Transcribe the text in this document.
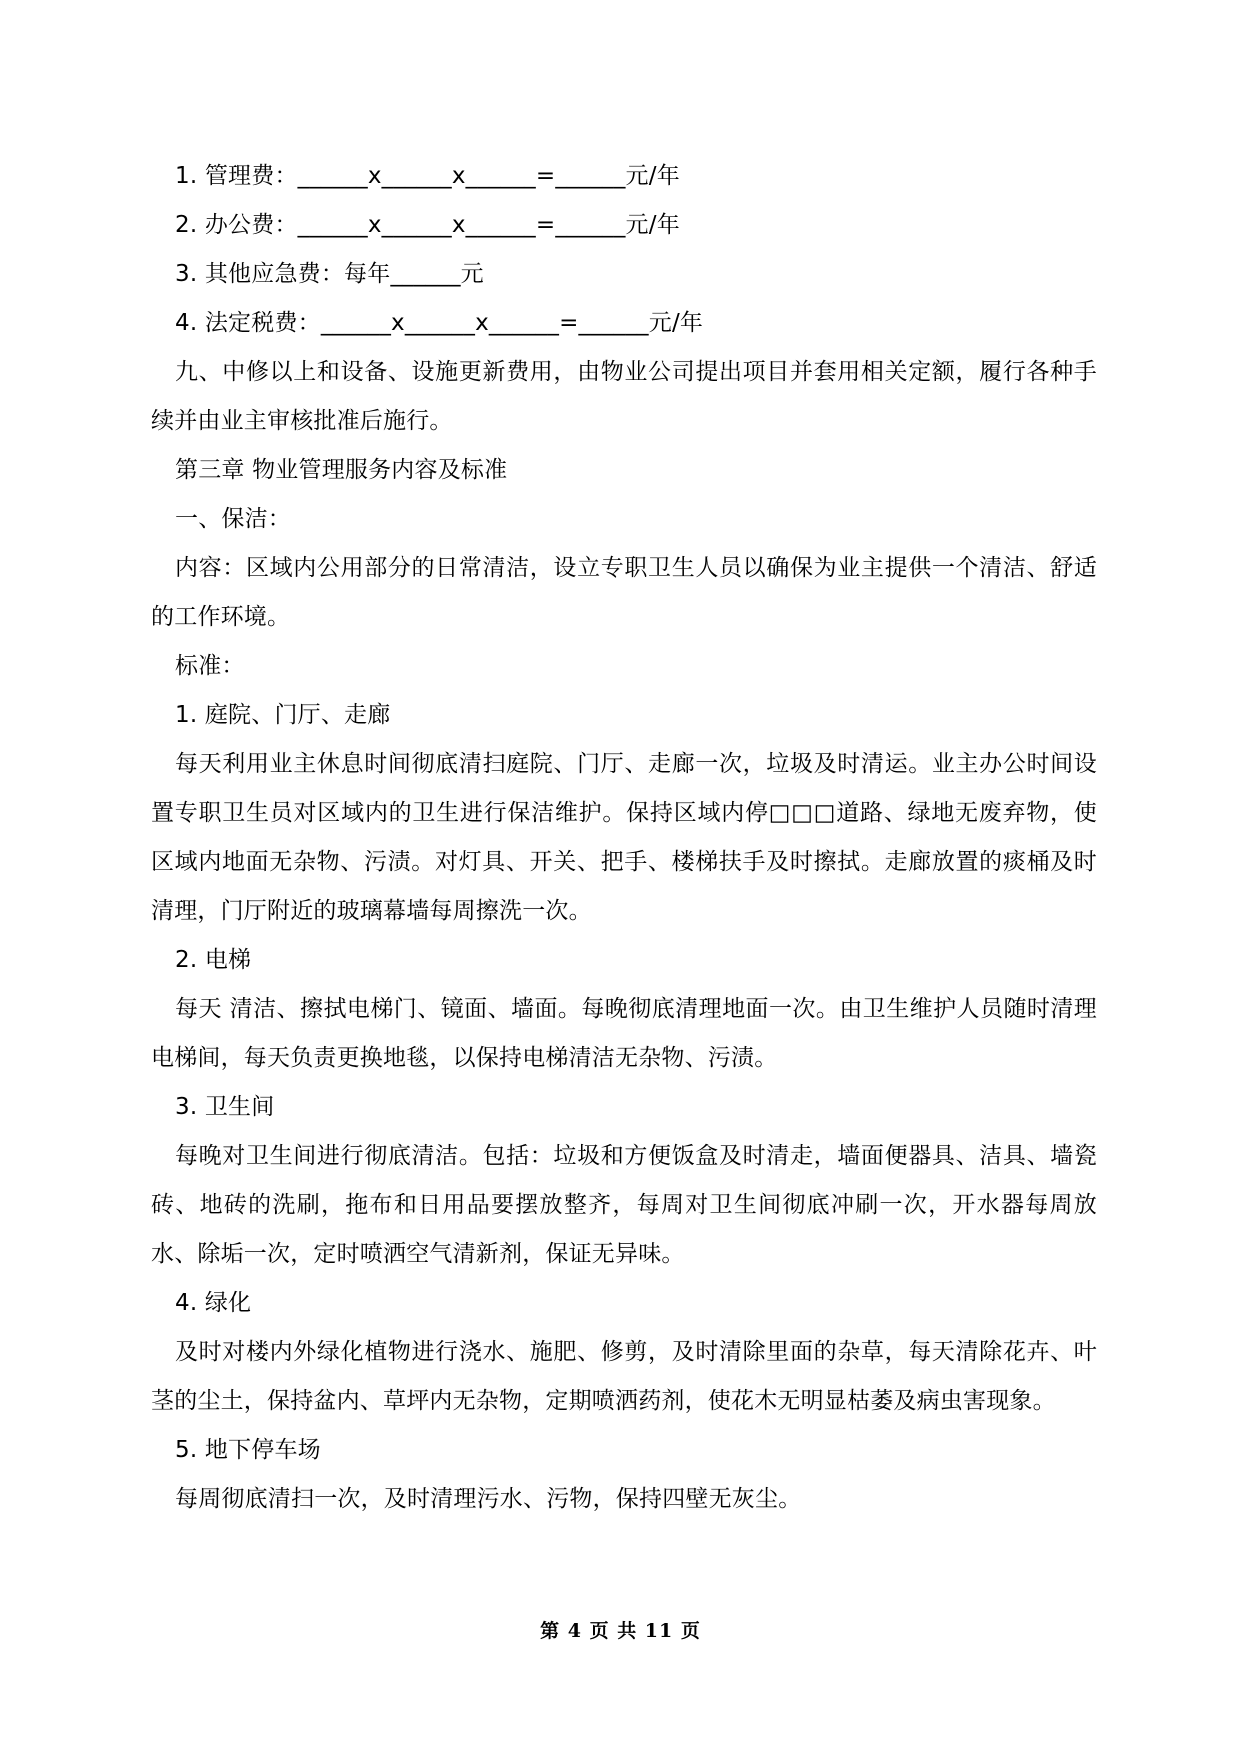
1. 管理费：______x______x______=______元/年
2. 办公费：______x______x______=______元/年
3. 其他应急费：每年______元
4. 法定税费：______x______x______=______元/年
九、中修以上和设备、设施更新费用，由物业公司提出项目并套用相关定额，履行各种手续并由业主审核批准后施行。
第三章 物业管理服务内容及标准
一、保洁：
内容：区域内公用部分的日常清洁，设立专职卫生人员以确保为业主提供一个清洁、舒适的工作环境。
标准：
1. 庭院、门厅、走廊
每天利用业主休息时间彻底清扫庭院、门厅、走廊一次，垃圾及时清运。业主办公时间设置专职卫生员对区域内的卫生进行保洁维护。保持区域内停□□□道路、绿地无废弃物，使区域内地面无杂物、污渍。对灯具、开关、把手、楼梯扶手及时擦拭。走廊放置的痰桶及时清理，门厅附近的玻璃幕墙每周擦洗一次。
2. 电梯
每天 清洁、擦拭电梯门、镜面、墙面。每晚彻底清理地面一次。由卫生维护人员随时清理电梯间，每天负责更换地毯，以保持电梯清洁无杂物、污渍。
3. 卫生间
每晚对卫生间进行彻底清洁。包括：垃圾和方便饭盒及时清走，墙面便器具、洁具、墙瓷砖、地砖的洗刷，拖布和日用品要摆放整齐，每周对卫生间彻底冲刷一次，开水器每周放水、除垢一次，定时喷洒空气清新剂，保证无异味。
4. 绿化
及时对楼内外绿化植物进行浇水、施肥、修剪，及时清除里面的杂草，每天清除花卉、叶茎的尘土，保持盆内、草坪内无杂物，定期喷洒药剂，使花木无明显枯萎及病虫害现象。
5. 地下停车场
每周彻底清扫一次，及时清理污水、污物，保持四壁无灰尘。
第 4 页 共 11 页
